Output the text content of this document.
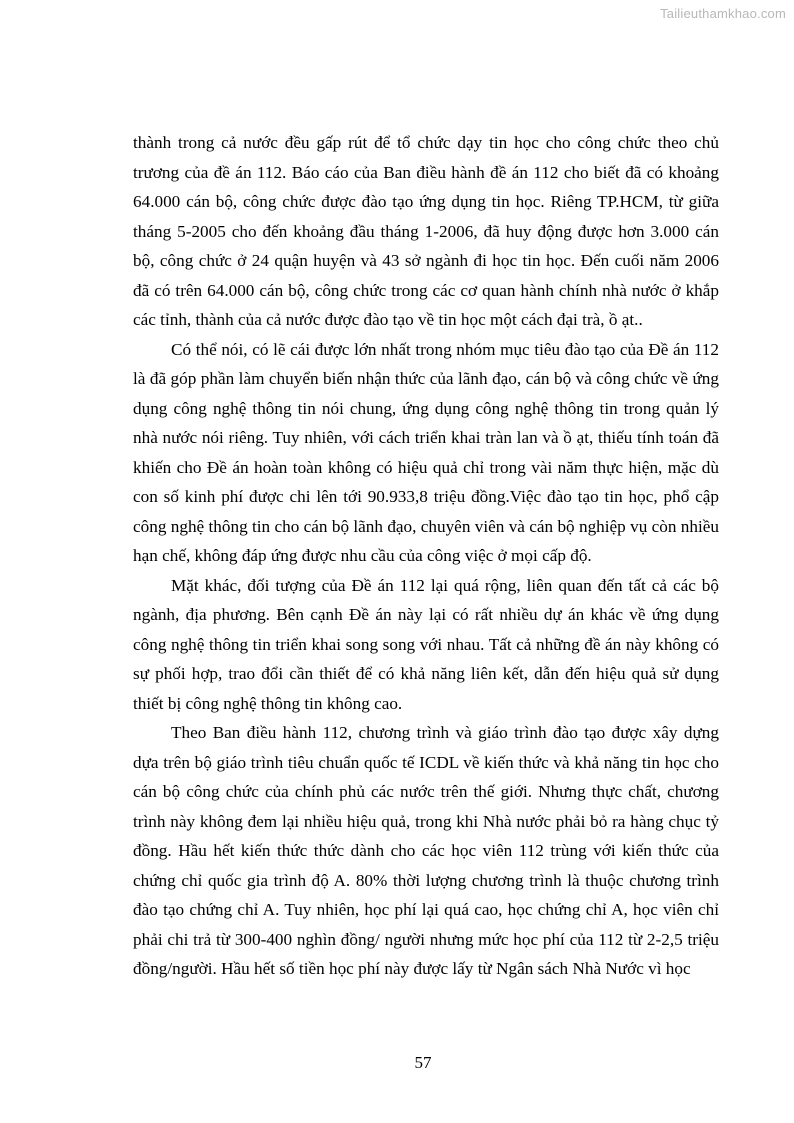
Tailieuthamkhao.com

thành trong cả nước đều gấp rút để tổ chức dạy tin học cho công chức theo chủ trương của đề án 112. Báo cáo của Ban điều hành đề án 112 cho biết đã có khoảng 64.000 cán bộ, công chức được đào tạo ứng dụng tin học. Riêng TP.HCM, từ giữa tháng 5-2005 cho đến khoảng đầu tháng 1-2006, đã huy động được hơn 3.000 cán bộ, công chức ở 24 quận huyện và 43 sở ngành đi học tin học. Đến cuối năm 2006 đã có trên 64.000 cán bộ, công chức trong các cơ quan hành chính nhà nước ở khắp các tỉnh, thành của cả nước được đào tạo về tin học một cách đại trà, ồ ạt..

Có thể nói, có lẽ cái được lớn nhất trong nhóm mục tiêu đào tạo của Đề án 112 là đã góp phần làm chuyển biến nhận thức của lãnh đạo, cán bộ và công chức về ứng dụng công nghệ thông tin nói chung, ứng dụng công nghệ thông tin trong quản lý nhà nước nói riêng. Tuy nhiên, với cách triển khai tràn lan và ồ ạt, thiếu tính toán đã khiến cho Đề án hoàn toàn không có hiệu quả chỉ trong vài năm thực hiện, mặc dù con số kinh phí được chi lên tới 90.933,8 triệu đồng.Việc đào tạo tin học, phổ cập công nghệ thông tin cho cán bộ lãnh đạo, chuyên viên và cán bộ nghiệp vụ còn nhiều hạn chế, không đáp ứng được nhu cầu của công việc ở mọi cấp độ.

Mặt khác, đối tượng của Đề án 112 lại quá rộng, liên quan đến tất cả các bộ ngành, địa phương. Bên cạnh Đề án này lại có rất nhiều dự án khác về ứng dụng công nghệ thông tin triển khai song song với nhau. Tất cả những đề án này không có sự phối hợp, trao đổi cần thiết để có khả năng liên kết, dẫn đến hiệu quả sử dụng thiết bị công nghệ thông tin không cao.

Theo Ban điều hành 112, chương trình và giáo trình đào tạo được xây dựng dựa trên bộ giáo trình tiêu chuẩn quốc tế ICDL về kiến thức và khả năng tin học cho cán bộ công chức của chính phủ các nước trên thế giới. Nhưng thực chất, chương trình này không đem lại nhiều hiệu quả, trong khi Nhà nước phải bỏ ra hàng chục tỷ đồng. Hầu hết kiến thức thức dành cho các học viên 112 trùng với kiến thức của chứng chỉ quốc gia trình độ A. 80% thời lượng chương trình là thuộc chương trình đào tạo chứng chỉ A. Tuy nhiên, học phí lại quá cao, học chứng chỉ A, học viên chỉ phải chi trả từ 300-400 nghìn đồng/ người nhưng mức học phí của 112 từ 2-2,5 triệu đồng/người. Hầu hết số tiền học phí này được lấy từ Ngân sách Nhà Nước vì học

57
